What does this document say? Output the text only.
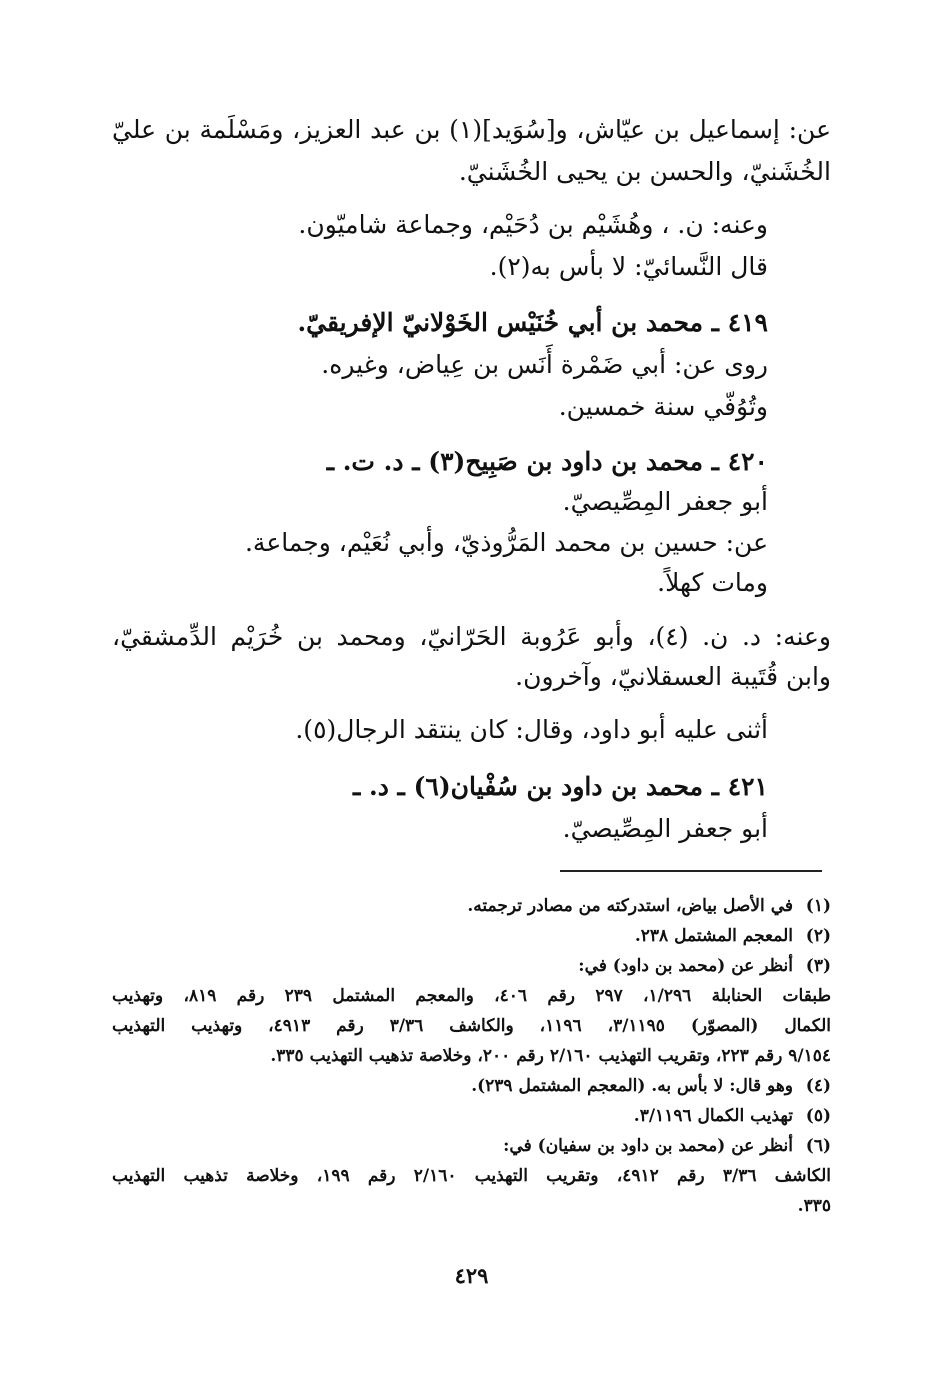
عن: إسماعيل بن عيّاش، و[سُوَيد](١) بن عبد العزيز، ومَسْلَمة بن عليّ
الخُشَنيّ، والحسن بن يحيى الخُشَنيّ.
وعنه: ن. ، وهُشَيْم بن دُحَيْم، وجماعة شاميّون.
قال النَّسائيّ: لا بأس به(٢).
٤١٩ ـ محمد بن أبي خُنَيْس الخَوْلانيّ الإفريقيّ.
روى عن: أبي ضَمْرة أَنَس بن عِياض، وغيره.
وتُوُفّي سنة خمسين.
٤٢٠ ـ محمد بن داود بن صَبِيح(٣) ـ د. ت. ـ
أبو جعفر المِصِّيصيّ.
عن: حسين بن محمد المَرُّوذيّ، وأبي نُعَيْم، وجماعة.
ومات كهلاً.
وعنه: د. ن. (٤)، وأبو عَرُوبة الحَرّانيّ، ومحمد بن خُرَيْم الدِّمشقيّ،
وابن قُتَيبة العسقلانيّ، وآخرون.
أثنى عليه أبو داود، وقال: كان ينتقد الرجال(٥).
٤٢١ ـ محمد بن داود بن سُفْيان(٦) ـ د. ـ
أبو جعفر المِصِّيصيّ.
(١)في الأصل بياض، استدركته من مصادر ترجمته.
(٢)المعجم المشتمل ٢٣٨.
(٣)أنظر عن (محمد بن داود) في:
طبقات الحنابلة ١/٢٩٦، ٢٩٧ رقم ٤٠٦، والمعجم المشتمل ٢٣٩ رقم ٨١٩، وتهذيب
الكمال (المصوّر) ٣/١١٩٥، ١١٩٦، والكاشف ٣/٣٦ رقم ٤٩١٣، وتهذيب التهذيب
٩/١٥٤ رقم ٢٢٣، وتقريب التهذيب ٢/١٦٠ رقم ٢٠٠، وخلاصة تذهيب التهذيب ٣٣٥.
(٤)وهو قال: لا بأس به. (المعجم المشتمل ٢٣٩).
(٥)تهذيب الكمال ٣/١١٩٦.
(٦)أنظر عن (محمد بن داود بن سفيان) في:
الكاشف ٣/٣٦ رقم ٤٩١٢، وتقريب التهذيب ٢/١٦٠ رقم ١٩٩، وخلاصة تذهيب التهذيب
٣٣٥.
٤٢٩
